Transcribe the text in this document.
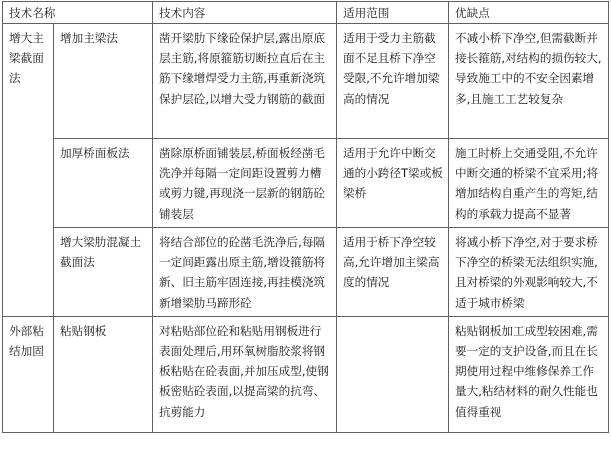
技术名称		技术内容	适用范围	优缺点
增大主梁截面法	增加主梁法	凿开梁肋下缘砼保护层,露出原底层主筋,将原箍筋切断拉直后在主筋下缘增焊受力主筋,再重新浇筑保护层砼,以增大受力钢筋的截面	适用于受力主筋截面不足且桥下净空受限,不允许增加梁高的情况	不减小桥下净空,但需截断并接长箍筋,对结构的损伤较大,导致施工中的不安全因素增多,且施工工艺较复杂
	加厚桥面板法	凿除原桥面铺装层,桥面板经凿毛洗净并每隔一定间距设置剪力槽或剪力键,再现浇一层新的钢筋砼铺装层	适用于允许中断交通的小跨径T梁或板梁桥	施工时桥上交通受阻,不允许中断交通的桥梁不宜采用;将增加结构自重产生的弯矩,结构的承载力提高不显著
	增大梁肋混凝土截面法	将结合部位的砼凿毛洗净后,每隔一定间距露出原主筋,增设箍筋将新、旧主筋牢固连接,再挂模浇筑新增梁肋马蹄形砼	适用于桥下净空较高,允许增加主梁高度的情况	将减小桥下净空,对于要求桥下净空的桥梁无法组织实施,且对桥梁的外观影响较大,不适于城市桥梁
外部粘结加固	粘贴钢板	对粘贴部位砼和粘贴用钢板进行表面处理后,用环氧树脂胶浆将钢板粘贴在砼表面,并加压成型,使钢板密贴砼表面,以提高梁的抗弯、抗剪能力		粘贴钢板加工成型较困难,需要一定的支护设备,而且在长期使用过程中维修保养工作量大,粘结材料的耐久性能也值得重视
